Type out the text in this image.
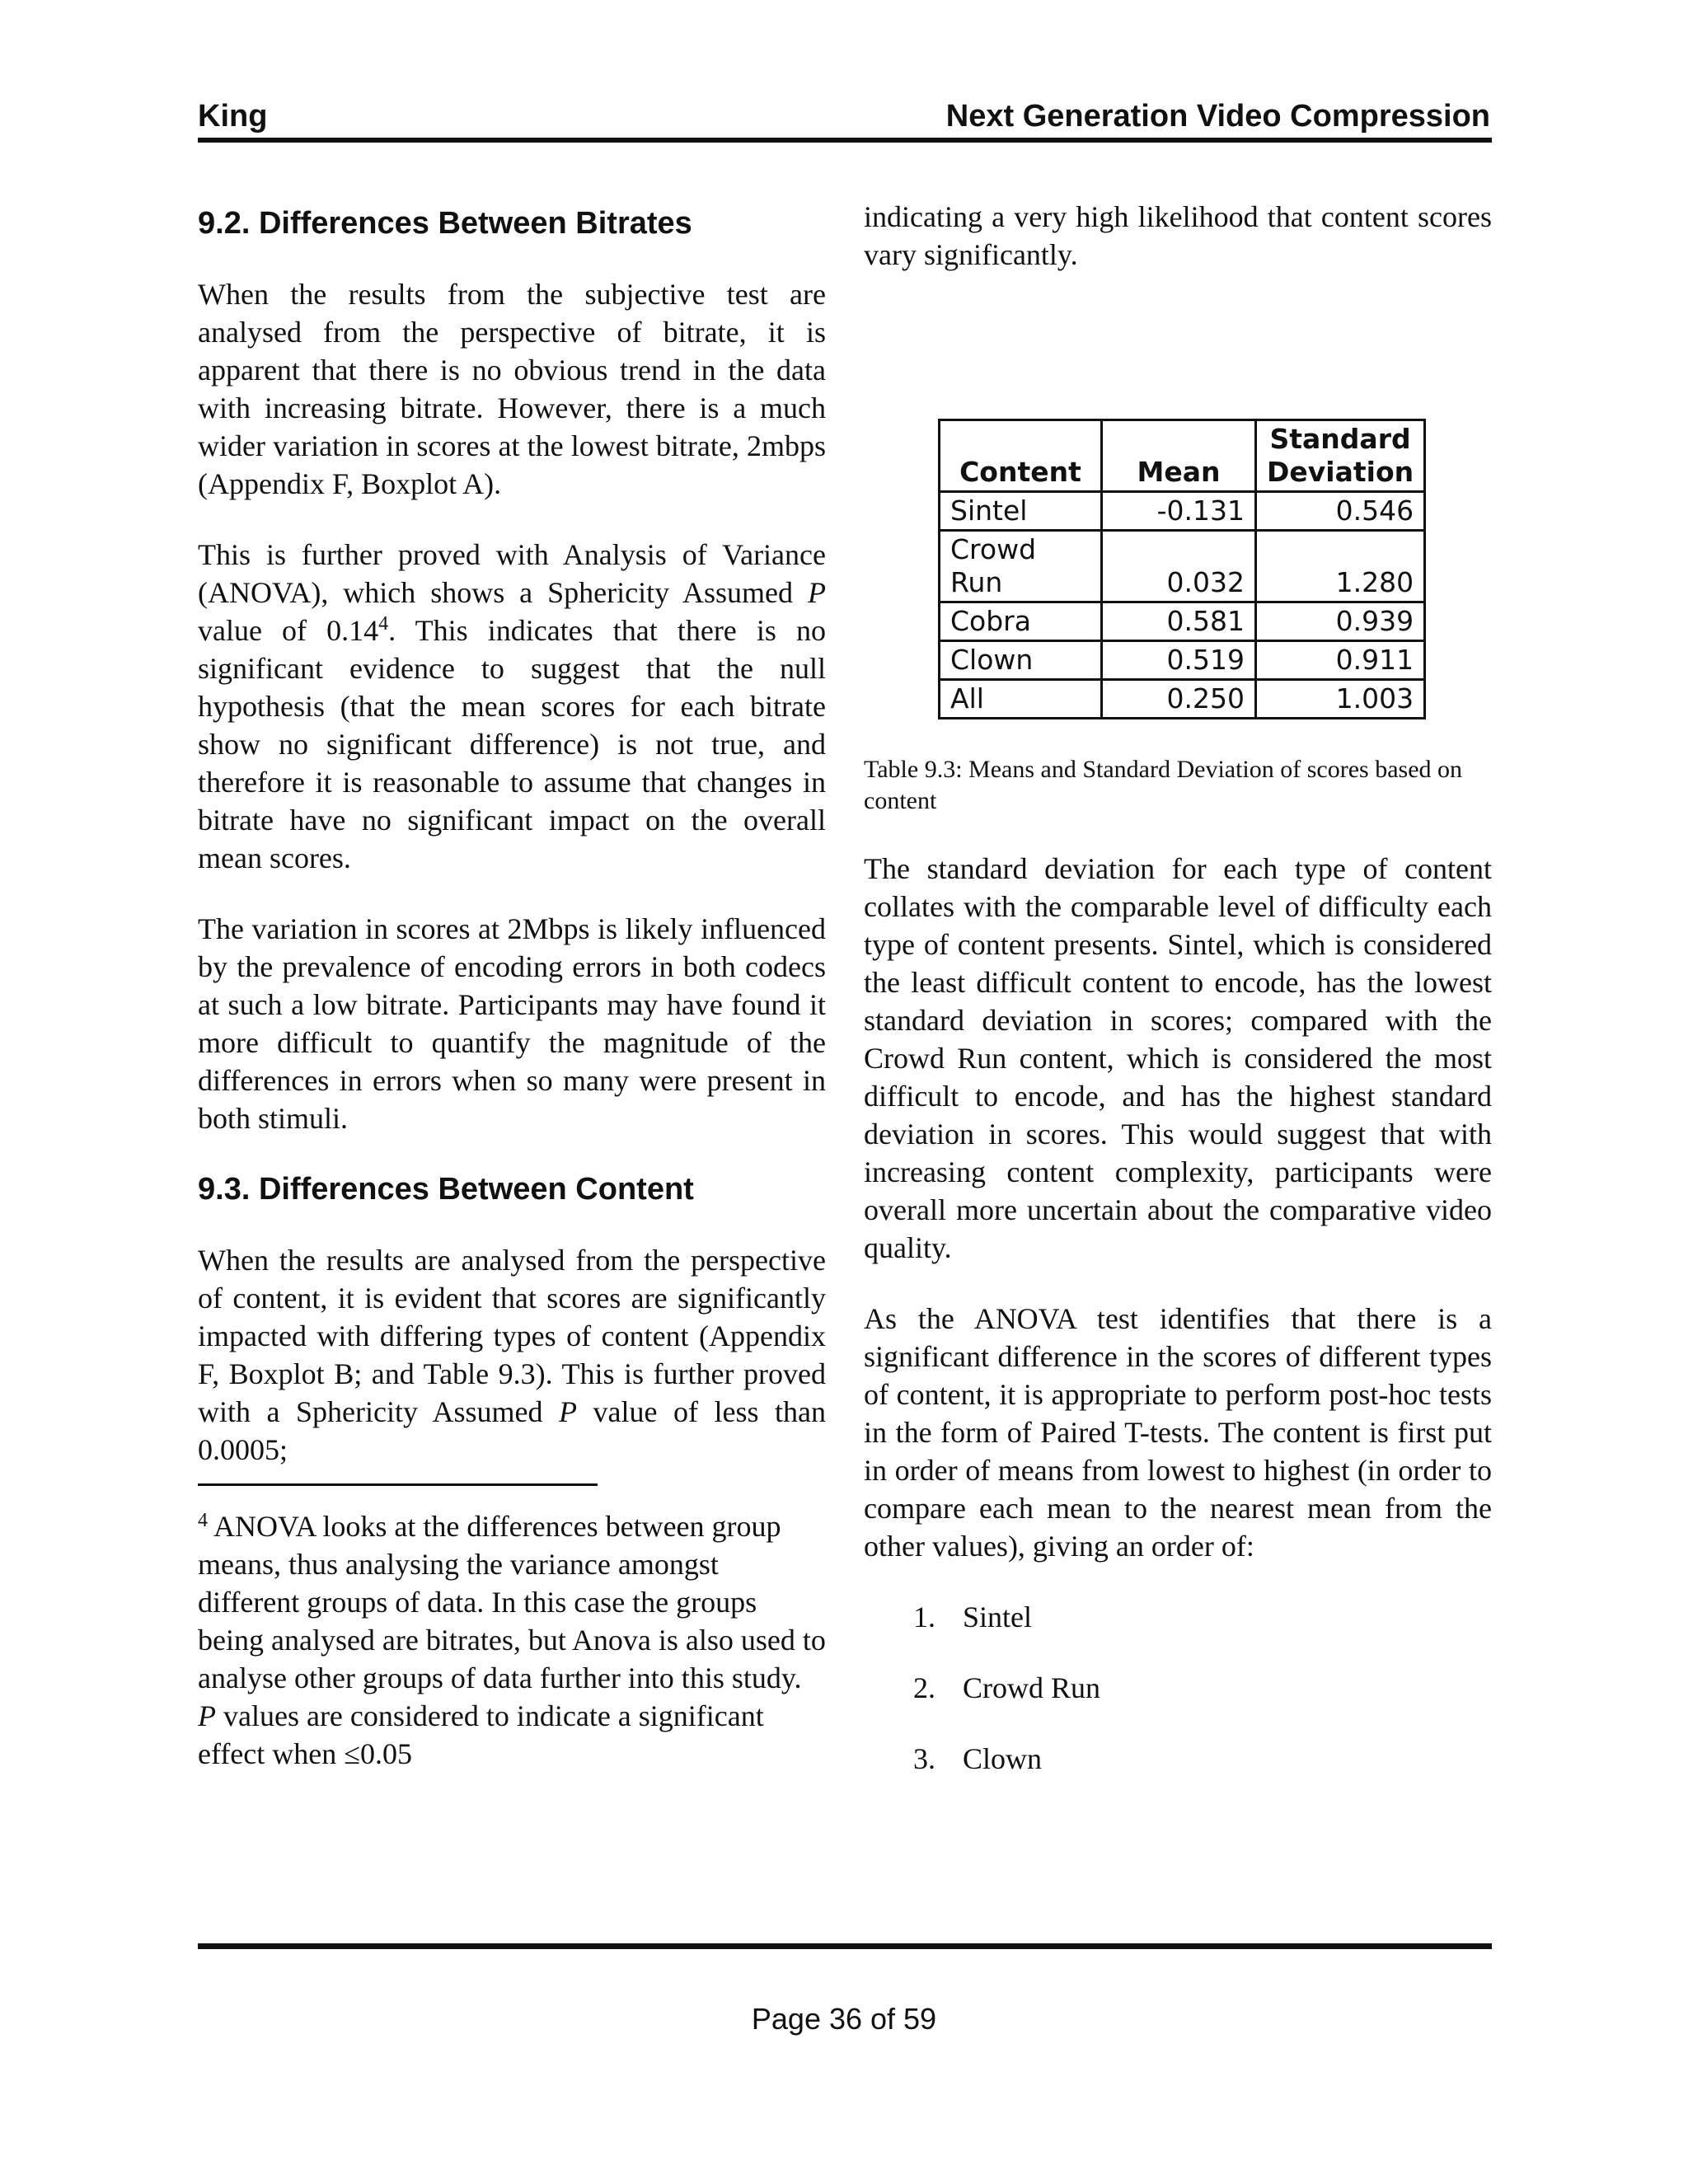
King	Next Generation Video Compression
9.2. Differences Between Bitrates

When the results from the subjective test are analysed from the perspective of bitrate, it is apparent that there is no obvious trend in the data with increasing bitrate. However, there is a much wider variation in scores at the lowest bitrate, 2mbps (Appendix F, Boxplot A).

This is further proved with Analysis of Variance (ANOVA), which shows a Sphericity Assumed P value of 0.14$^4$. This indicates that there is no significant evidence to suggest that the null hypothesis (that the mean scores for each bitrate show no significant difference) is not true, and therefore it is reasonable to assume that changes in bitrate have no significant impact on the overall mean scores.

The variation in scores at 2Mbps is likely influenced by the prevalence of encoding errors in both codecs at such a low bitrate. Participants may have found it more difficult to quantify the magnitude of the differences in errors when so many were present in both stimuli.

9.3. Differences Between Content

When the results are analysed from the perspective of content, it is evident that scores are significantly impacted with differing types of content (Appendix F, Boxplot B; and Table 9.3). This is further proved with a Sphericity Assumed P value of less than 0.0005;

$^4$ ANOVA looks at the differences between group means, thus analysing the variance amongst different groups of data. In this case the groups being analysed are bitrates, but Anova is also used to analyse other groups of data further into this study. P values are considered to indicate a significant effect when ≤0.05

indicating a very high likelihood that content scores vary significantly.

Content	Mean	Standard Deviation
Sintel	-0.131	0.546
Crowd Run	0.032	1.280
Cobra	0.581	0.939
Clown	0.519	0.911
All	0.250	1.003
Table 9.3: Means and Standard Deviation of scores based on content

The standard deviation for each type of content collates with the comparable level of difficulty each type of content presents. Sintel, which is considered the least difficult content to encode, has the lowest standard deviation in scores; compared with the Crowd Run content, which is considered the most difficult to encode, and has the highest standard deviation in scores. This would suggest that with increasing content complexity, participants were overall more uncertain about the comparative video quality.

As the ANOVA test identifies that there is a significant difference in the scores of different types of content, it is appropriate to perform post-hoc tests in the form of Paired T-tests. The content is first put in order of means from lowest to highest (in order to compare each mean to the nearest mean from the other values), giving an order of:

1. Sintel
2. Crowd Run
3. Clown
Page 36 of 59
